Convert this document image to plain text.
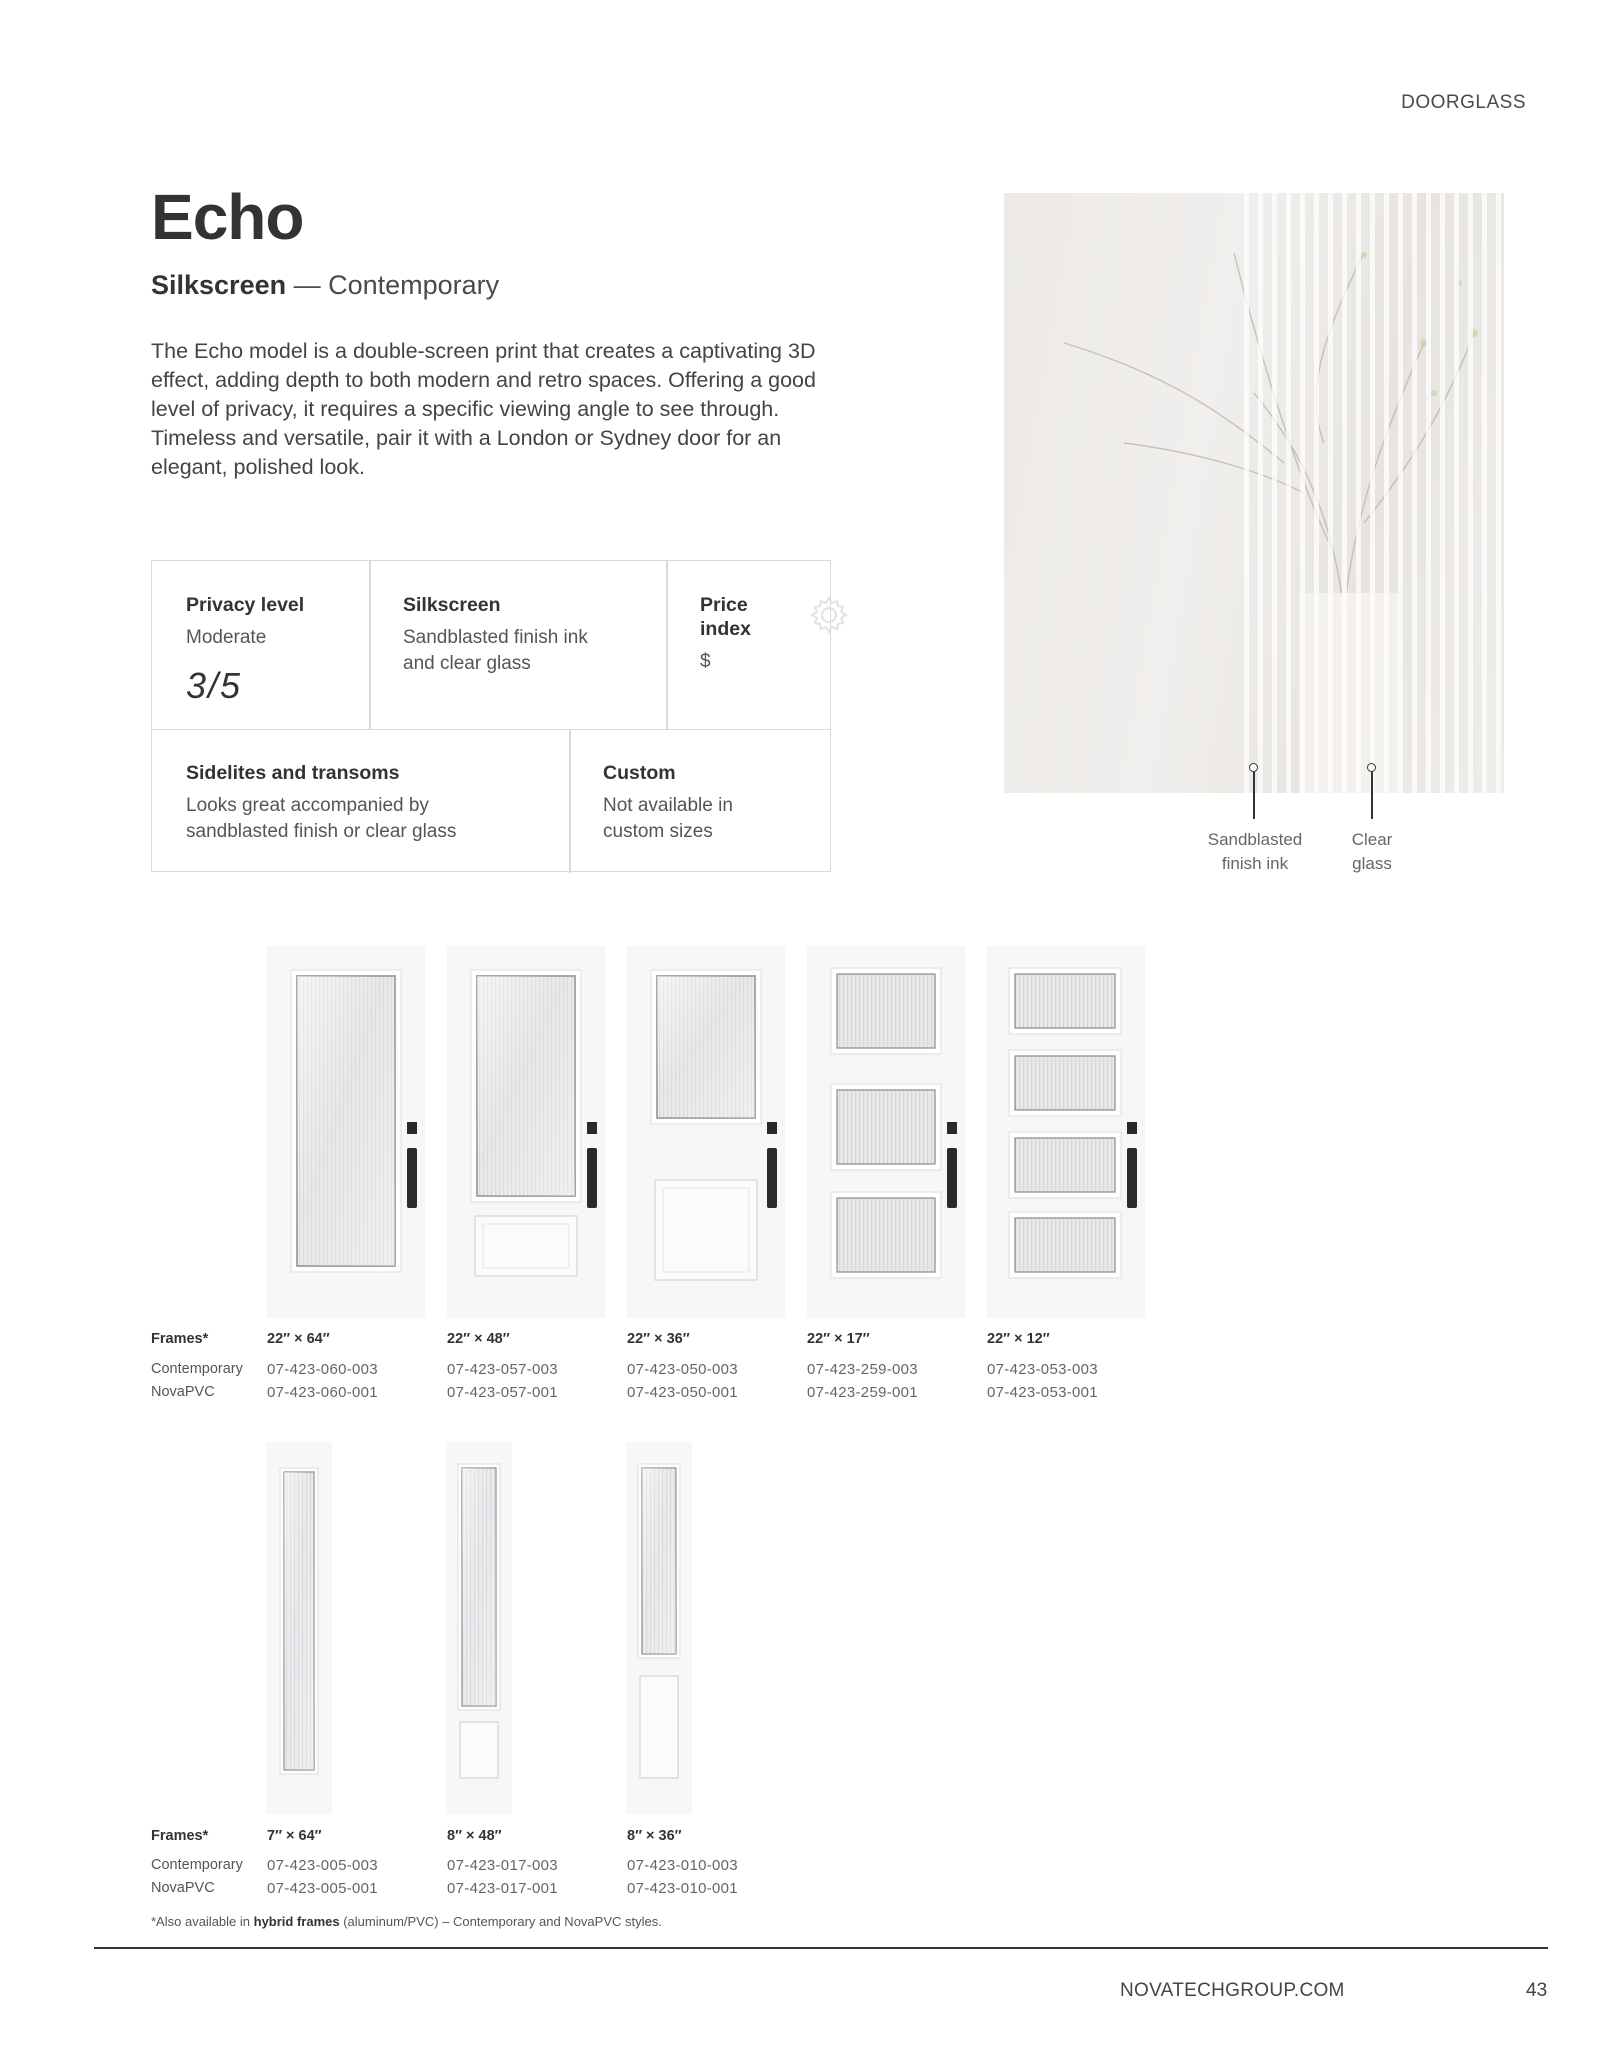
DOORGLASS
Echo
Silkscreen — Contemporary

The Echo model is a double-screen print that creates a captivating 3D effect, adding depth to both modern and retro spaces. Offering a good level of privacy, it requires a specific viewing angle to see through. Timeless and versatile, pair it with a London or Sydney door for an elegant, polished look.

Privacy level
Moderate
3/5
Silkscreen
Sandblasted finish ink and clear glass
Price index
$
Sidelites and transoms
Looks great accompanied by sandblasted finish or clear glass
Custom
Not available in custom sizes	Sandblasted
finish ink
Clear
glass
Frames*
Contemporary
NovaPVC
22″ × 64″
07-423-060-003
07-423-060-001
22″ × 48″
07-423-057-003
07-423-057-001
22″ × 36″
07-423-050-003
07-423-050-001
22″ × 17″
07-423-259-003
07-423-259-001
22″ × 12″
07-423-053-003
07-423-053-001
Frames*
Contemporary
NovaPVC
7″ × 64″
07-423-005-003
07-423-005-001
8″ × 48″
07-423-017-003
07-423-017-001
8″ × 36″
07-423-010-003
07-423-010-001
*Also available in hybrid frames (aluminum/PVC) – Contemporary and NovaPVC styles.
NOVATECHGROUP.COM	43
